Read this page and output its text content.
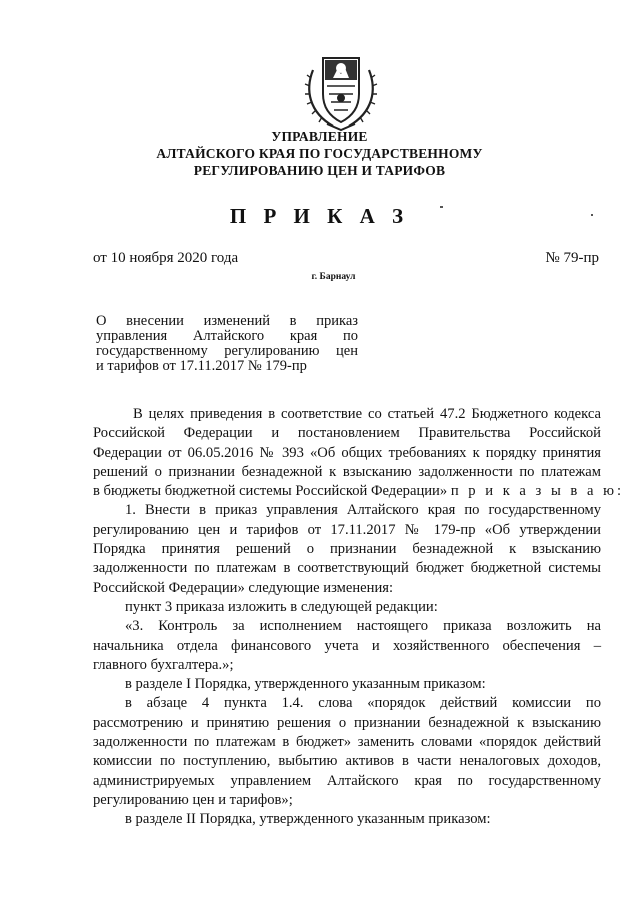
УПРАВЛЕНИЕ
АЛТАЙСКОГО КРАЯ ПО ГОСУДАРСТВЕННОМУ
РЕГУЛИРОВАНИЮ ЦЕН И ТАРИФОВ
П Р И К А З
от 10 ноября 2020 года	№ 79-пр
г. Барнаул
О внесении изменений в приказ
управления Алтайского края по
государственному регулированию цен
и тарифов от 17.11.2017 № 179-пр
В целях приведения в соответствие со статьей 47.2 Бюджетного кодекса
Российской Федерации и постановлением Правительства Российской
Федерации от 06.05.2016 № 393 «Об общих требованиях к порядку принятия
решений о признании безнадежной к взысканию задолженности по платежам
в бюджеты бюджетной системы Российской Федерации» п р и к а з ы в а ю:
1. Внести в приказ управления Алтайского края по государственному
регулированию цен и тарифов от 17.11.2017 № 179-пр «Об утверждении
Порядка принятия решений о признании безнадежной к взысканию
задолженности по платежам в соответствующий бюджет бюджетной системы
Российской Федерации» следующие изменения:
пункт 3 приказа изложить в следующей редакции:
«3. Контроль за исполнением настоящего приказа возложить на
начальника отдела финансового учета и хозяйственного обеспечения –
главного бухгалтера.»;
в разделе I Порядка, утвержденного указанным приказом:
в абзаце 4 пункта 1.4. слова «порядок действий комиссии по
рассмотрению и принятию решения о признании безнадежной к взысканию
задолженности по платежам в бюджет» заменить словами «порядок действий
комиссии по поступлению, выбытию активов в части неналоговых доходов,
администрируемых управлением Алтайского края по государственному
регулированию цен и тарифов»;
в разделе II Порядка, утвержденного указанным приказом:
